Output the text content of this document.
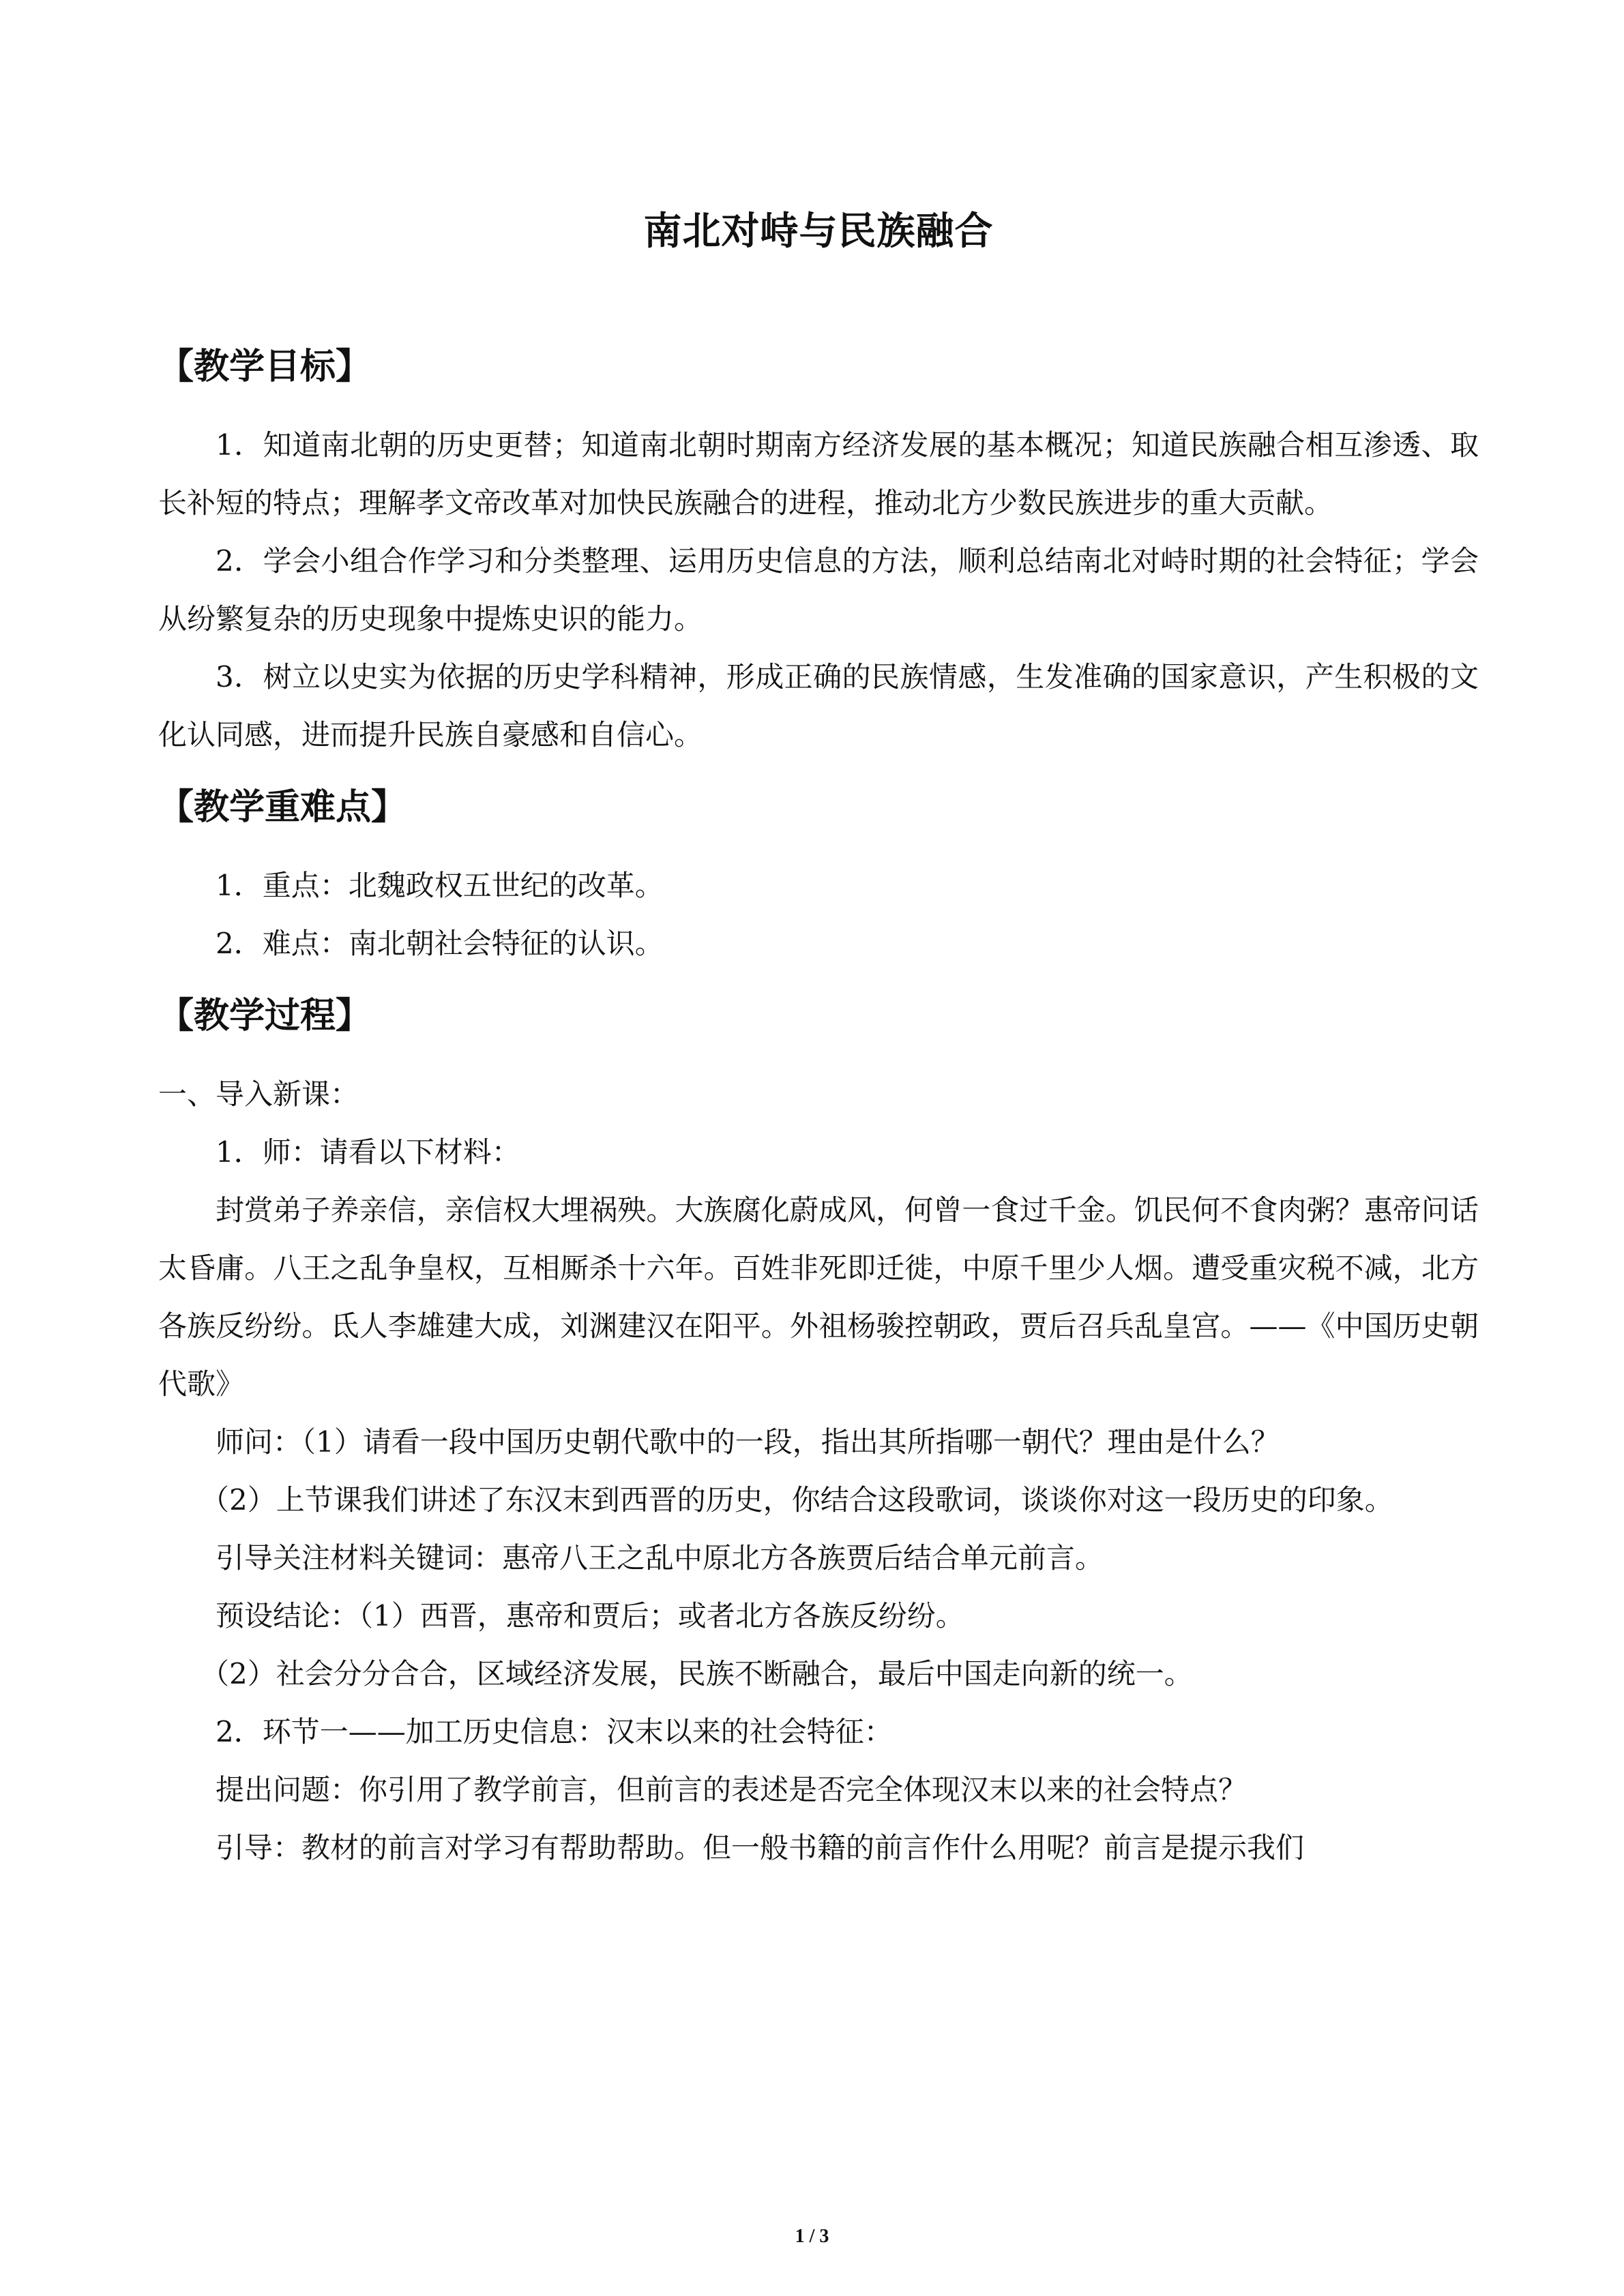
南北对峙与民族融合
【教学目标】

1．知道南北朝的历史更替；知道南北朝时期南方经济发展的基本概况；知道民族融合相互渗透、取长补短的特点；理解孝文帝改革对加快民族融合的进程，推动北方少数民族进步的重大贡献。

2．学会小组合作学习和分类整理、运用历史信息的方法，顺利总结南北对峙时期的社会特征；学会从纷繁复杂的历史现象中提炼史识的能力。

3．树立以史实为依据的历史学科精神，形成正确的民族情感，生发准确的国家意识，产生积极的文化认同感，进而提升民族自豪感和自信心。

【教学重难点】

1．重点：北魏政权五世纪的改革。

2．难点：南北朝社会特征的认识。

【教学过程】

一、导入新课：

1．师：请看以下材料：

封赏弟子养亲信，亲信权大埋祸殃。大族腐化蔚成风，何曾一食过千金。饥民何不食肉粥？惠帝问话太昏庸。八王之乱争皇权，互相厮杀十六年。百姓非死即迁徙，中原千里少人烟。遭受重灾税不减，北方各族反纷纷。氐人李雄建大成，刘渊建汉在阳平。外祖杨骏控朝政，贾后召兵乱皇宫。——《中国历史朝代歌》

师问：（1）请看一段中国历史朝代歌中的一段，指出其所指哪一朝代？理由是什么？

（2）上节课我们讲述了东汉末到西晋的历史，你结合这段歌词，谈谈你对这一段历史的印象。

引导关注材料关键词：惠帝八王之乱中原北方各族贾后结合单元前言。

预设结论：（1）西晋，惠帝和贾后；或者北方各族反纷纷。

（2）社会分分合合，区域经济发展，民族不断融合，最后中国走向新的统一。

2．环节一——加工历史信息：汉末以来的社会特征：

提出问题：你引用了教学前言，但前言的表述是否完全体现汉末以来的社会特点？

引导：教材的前言对学习有帮助帮助。但一般书籍的前言作什么用呢？前言是提示我们

1 / 3
